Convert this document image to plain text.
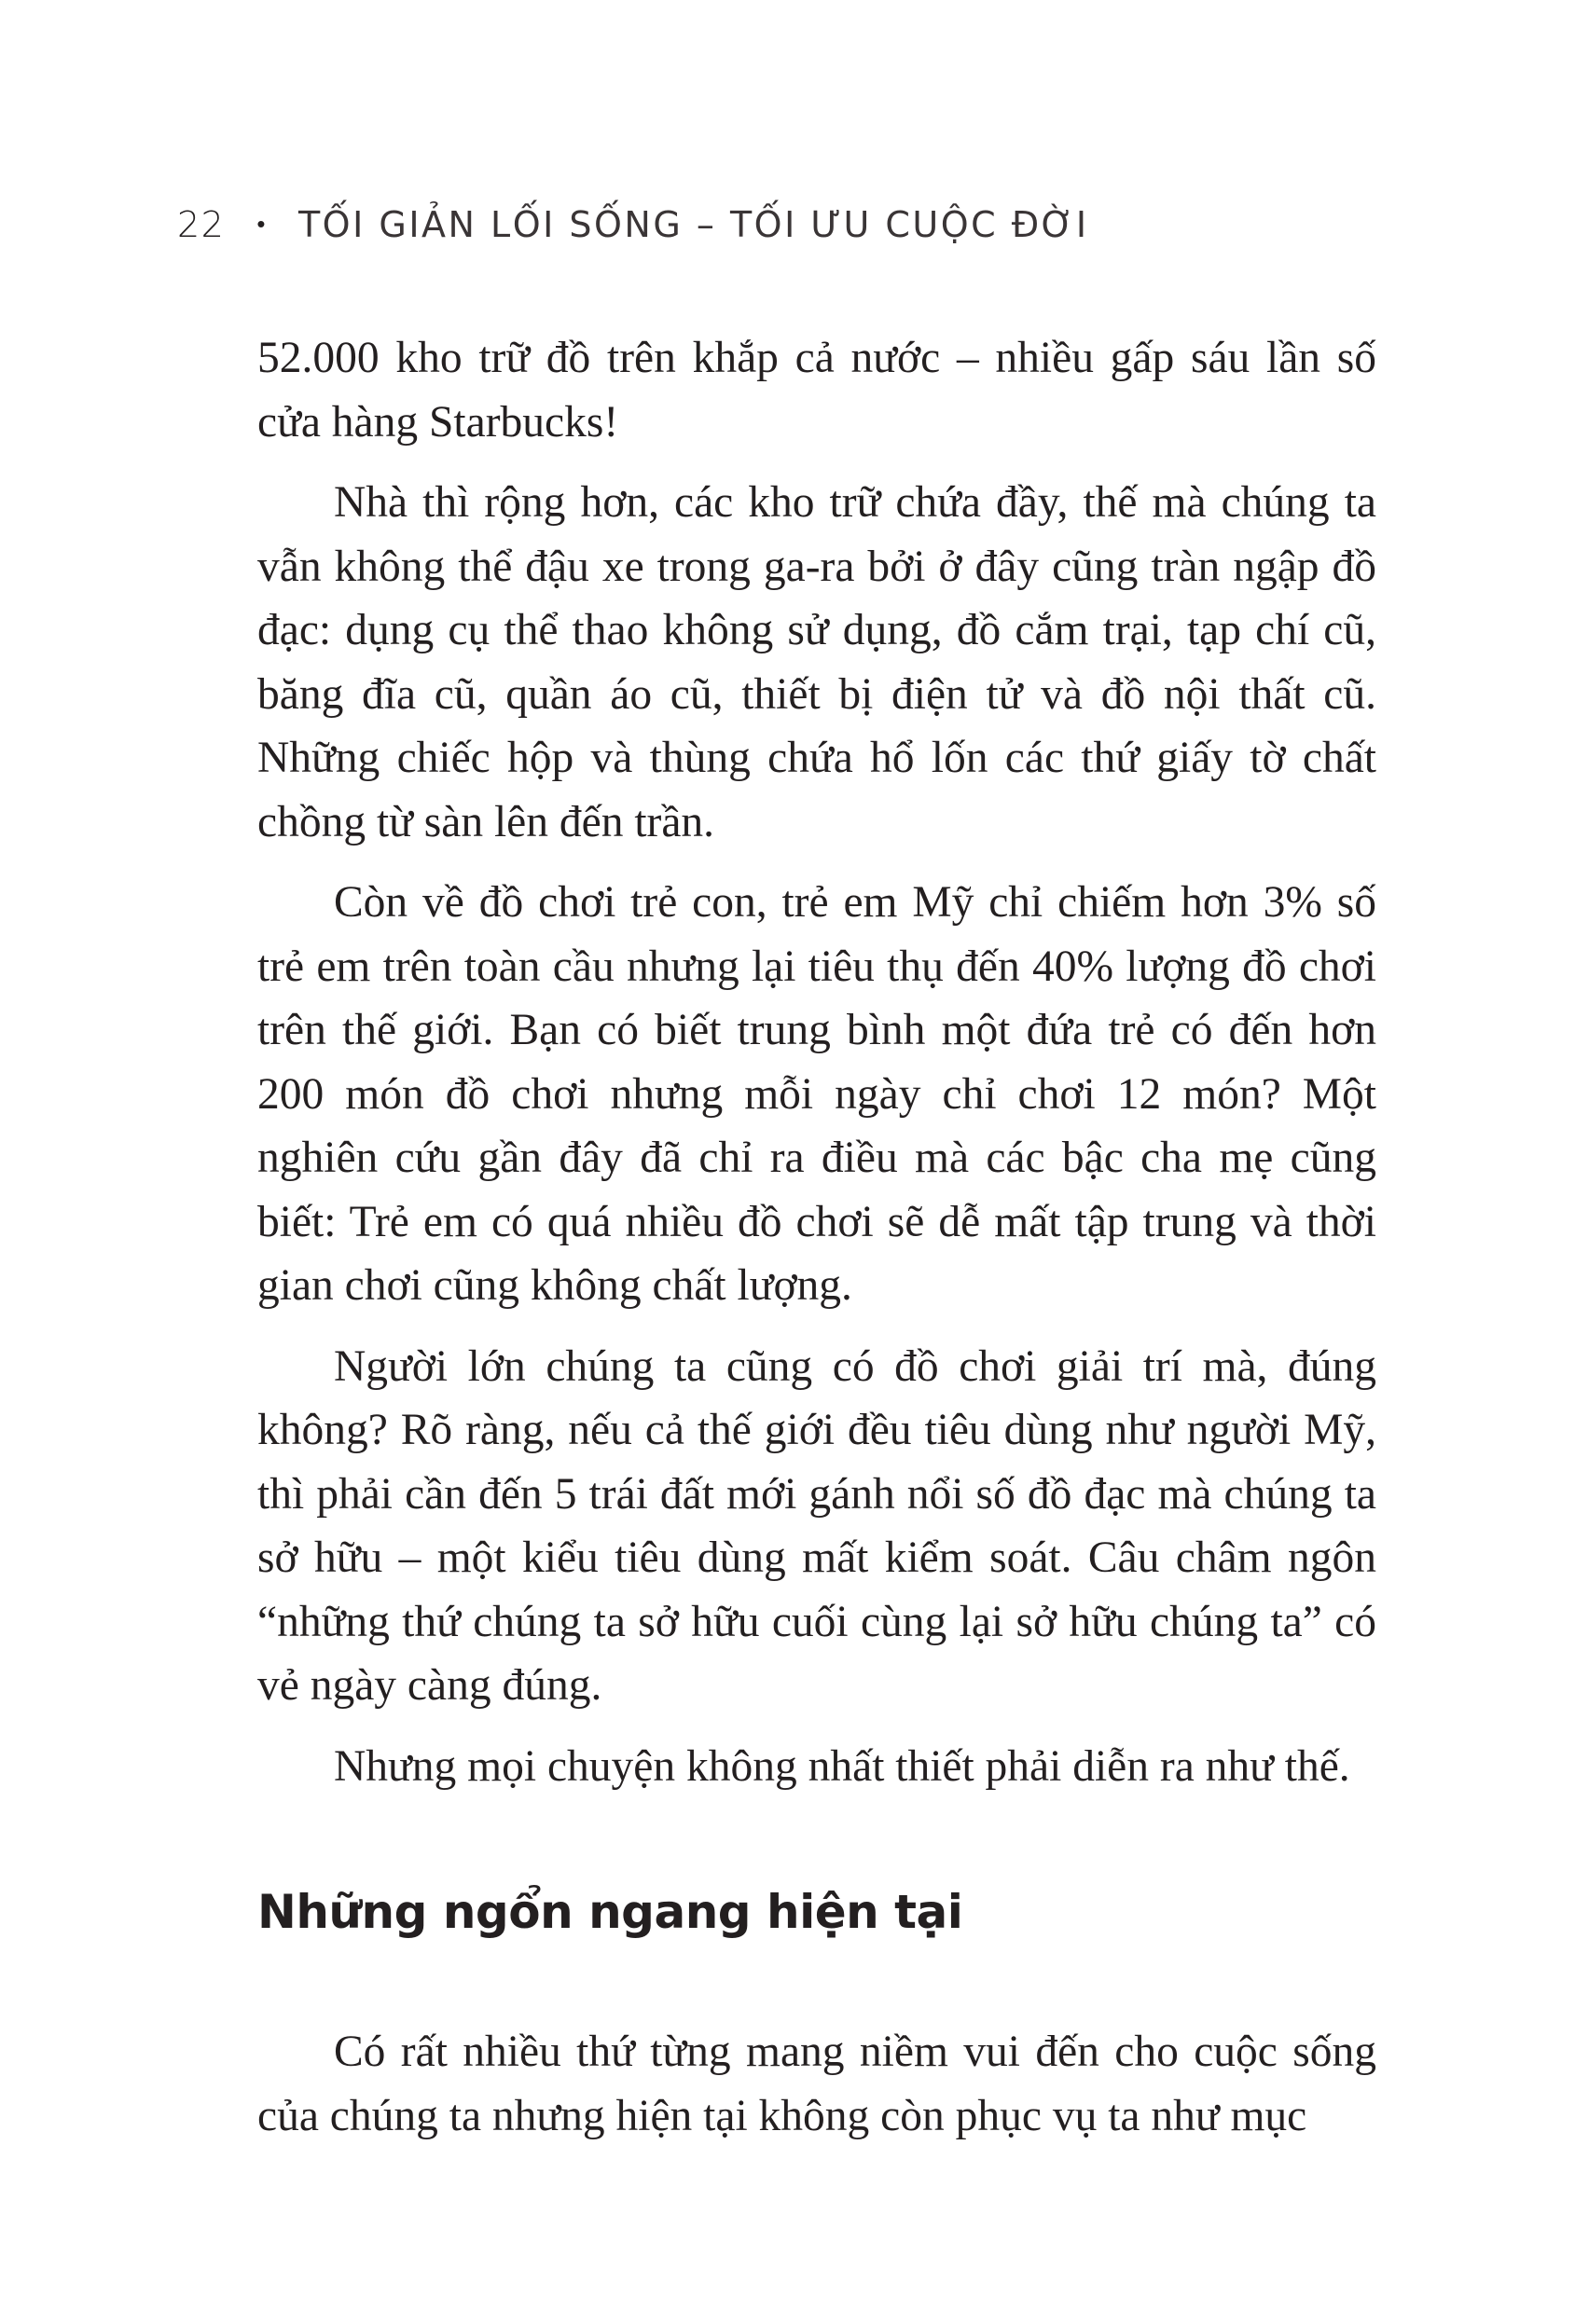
22 • TỐI GIẢN LỐI SỐNG – TỐI ƯU CUỘC ĐỜI

52.000 kho trữ đồ trên khắp cả nước – nhiều gấp sáu lần số cửa hàng Starbucks!

Nhà thì rộng hơn, các kho trữ chứa đầy, thế mà chúng ta vẫn không thể đậu xe trong ga-ra bởi ở đây cũng tràn ngập đồ đạc: dụng cụ thể thao không sử dụng, đồ cắm trại, tạp chí cũ, băng đĩa cũ, quần áo cũ, thiết bị điện tử và đồ nội thất cũ. Những chiếc hộp và thùng chứa hổ lốn các thứ giấy tờ chất chồng từ sàn lên đến trần.

Còn về đồ chơi trẻ con, trẻ em Mỹ chỉ chiếm hơn 3% số trẻ em trên toàn cầu nhưng lại tiêu thụ đến 40% lượng đồ chơi trên thế giới. Bạn có biết trung bình một đứa trẻ có đến hơn 200 món đồ chơi nhưng mỗi ngày chỉ chơi 12 món? Một nghiên cứu gần đây đã chỉ ra điều mà các bậc cha mẹ cũng biết: Trẻ em có quá nhiều đồ chơi sẽ dễ mất tập trung và thời gian chơi cũng không chất lượng.

Người lớn chúng ta cũng có đồ chơi giải trí mà, đúng không? Rõ ràng, nếu cả thế giới đều tiêu dùng như người Mỹ, thì phải cần đến 5 trái đất mới gánh nổi số đồ đạc mà chúng ta sở hữu – một kiểu tiêu dùng mất kiểm soát. Câu châm ngôn “những thứ chúng ta sở hữu cuối cùng lại sở hữu chúng ta” có vẻ ngày càng đúng.

Nhưng mọi chuyện không nhất thiết phải diễn ra như thế.

Những ngổn ngang hiện tại

Có rất nhiều thứ từng mang niềm vui đến cho cuộc sống của chúng ta nhưng hiện tại không còn phục vụ ta như mục
